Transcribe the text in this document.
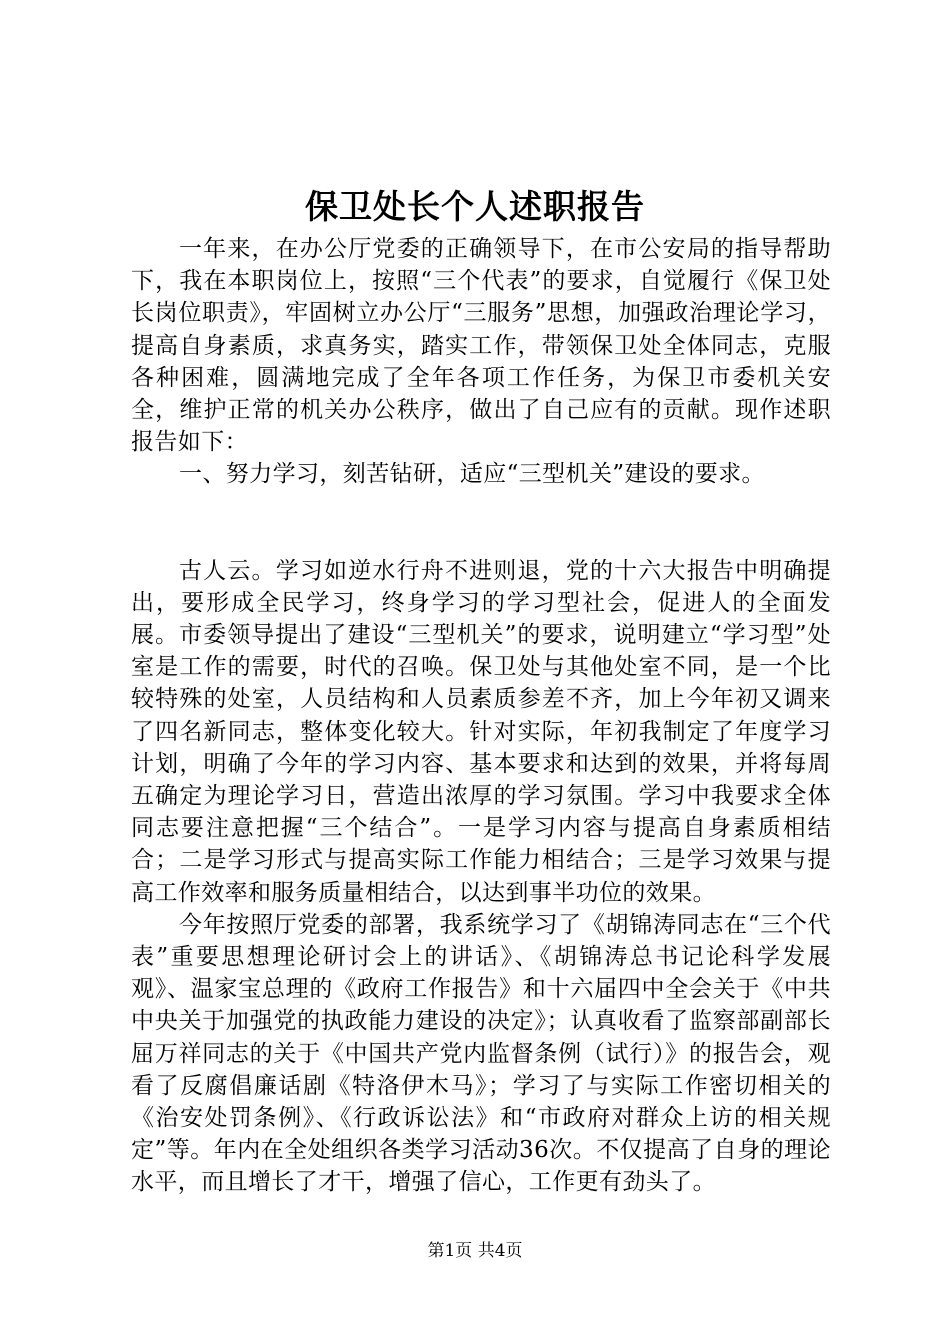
保卫处长个人述职报告

一年来，在办公厅党委的正确领导下，在市公安局的指导帮助下，我在本职岗位上，按照“三个代表”的要求，自觉履行《保卫处长岗位职责》，牢固树立办公厅“三服务”思想，加强政治理论学习，提高自身素质，求真务实，踏实工作，带领保卫处全体同志，克服各种困难，圆满地完成了全年各项工作任务，为保卫市委机关安全，维护正常的机关办公秩序，做出了自己应有的贡献。现作述职报告如下：

一、努力学习，刻苦钻研，适应“三型机关”建设的要求。

古人云。学习如逆水行舟不进则退，党的十六大报告中明确提出，要形成全民学习，终身学习的学习型社会，促进人的全面发展。市委领导提出了建设“三型机关”的要求，说明建立“学习型”处室是工作的需要，时代的召唤。保卫处与其他处室不同，是一个比较特殊的处室，人员结构和人员素质参差不齐，加上今年初又调来了四名新同志，整体变化较大。针对实际，年初我制定了年度学习计划，明确了今年的学习内容、基本要求和达到的效果，并将每周五确定为理论学习日，营造出浓厚的学习氛围。学习中我要求全体同志要注意把握“三个结合”。一是学习内容与提高自身素质相结合；二是学习形式与提高实际工作能力相结合；三是学习效果与提高工作效率和服务质量相结合，以达到事半功位的效果。

今年按照厅党委的部署，我系统学习了《胡锦涛同志在“三个代表”重要思想理论研讨会上的讲话》、《胡锦涛总书记论科学发展观》、温家宝总理的《政府工作报告》和十六届四中全会关于《中共中央关于加强党的执政能力建设的决定》；认真收看了监察部副部长屈万祥同志的关于《中国共产党内监督条例（试行）》的报告会，观看了反腐倡廉话剧《特洛伊木马》；学习了与实际工作密切相关的《治安处罚条例》、《行政诉讼法》和“市政府对群众上访的相关规定”等。年内在全处组织各类学习活动36次。不仅提高了自身的理论水平，而且增长了才干，增强了信心，工作更有劲头了。

第1页 共4页
